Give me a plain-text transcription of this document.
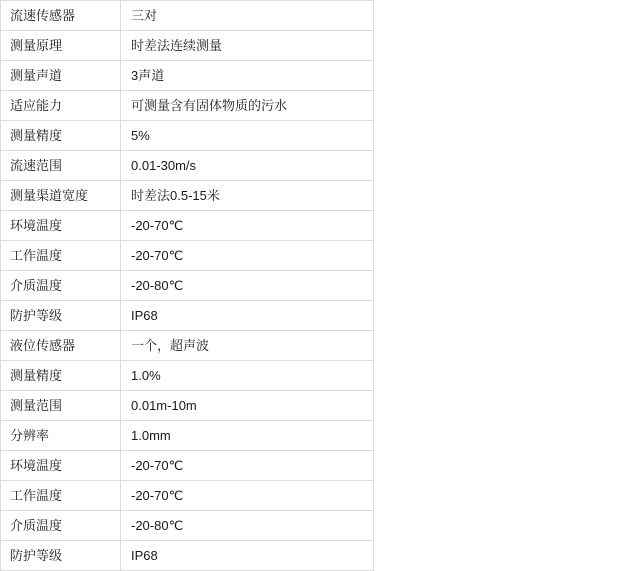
流速传感器	三对
测量原理	时差法连续测量
测量声道	3声道
适应能力	可测量含有固体物质的污水
测量精度	5%
流速范围	0.01-30m/s
测量渠道宽度	时差法0.5-15米
环境温度	-20-70℃
工作温度	-20-70℃
介质温度	-20-80℃
防护等级	IP68
液位传感器	一个，超声波
测量精度	1.0%
测量范围	0.01m-10m
分辨率	1.0mm
环境温度	-20-70℃
工作温度	-20-70℃
介质温度	-20-80℃
防护等级	IP68
